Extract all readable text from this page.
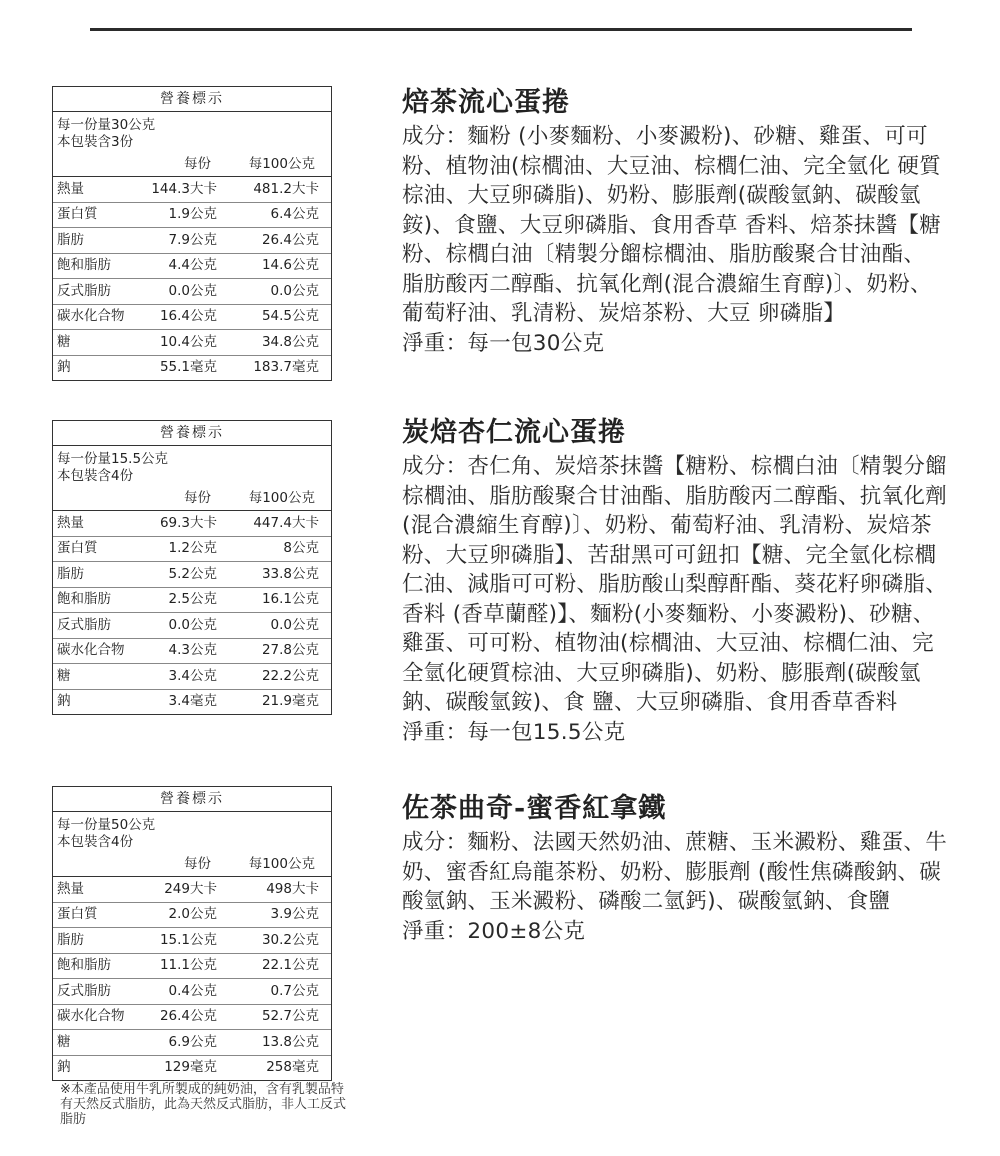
營養標示
每一份量30公克
本包裝含3份
每份	每100公克
熱量	144.3大卡	481.2大卡
蛋白質	1.9公克	6.4公克
脂肪	7.9公克	26.4公克
飽和脂肪	4.4公克	14.6公克
反式脂肪	0.0公克	0.0公克
碳水化合物	16.4公克	54.5公克
糖	10.4公克	34.8公克
鈉	55.1毫克	183.7毫克
營養標示
每一份量15.5公克
本包裝含4份
每份	每100公克
熱量	69.3大卡	447.4大卡
蛋白質	1.2公克	8公克
脂肪	5.2公克	33.8公克
飽和脂肪	2.5公克	16.1公克
反式脂肪	0.0公克	0.0公克
碳水化合物	4.3公克	27.8公克
糖	3.4公克	22.2公克
鈉	3.4毫克	21.9毫克
營養標示
每一份量50公克
本包裝含4份
每份	每100公克
熱量	249大卡	498大卡
蛋白質	2.0公克	3.9公克
脂肪	15.1公克	30.2公克
飽和脂肪	11.1公克	22.1公克
反式脂肪	0.4公克	0.7公克
碳水化合物	26.4公克	52.7公克
糖	6.9公克	13.8公克
鈉	129毫克	258毫克
※本產品使用牛乳所製成的純奶油，含有乳製品特有天然反式脂肪，此為天然反式脂肪，非人工反式脂肪
焙茶流心蛋捲
成分：麵粉 (小麥麵粉、小麥澱粉)、砂糖、雞蛋、可可粉、植物油(棕櫚油、大豆油、棕櫚仁油、完全氫化 硬質棕油、大豆卵磷脂)、奶粉、膨脹劑(碳酸氫鈉、碳酸氫銨)、食鹽、大豆卵磷脂、食用香草 香料、焙茶抹醬【糖粉、棕櫚白油〔精製分餾棕櫚油、脂肪酸聚合甘油酯、 脂肪酸丙二醇酯、抗氧化劑(混合濃縮生育醇)〕、奶粉、葡萄籽油、乳清粉、炭焙茶粉、大豆 卵磷脂】
淨重：每一包30公克
炭焙杏仁流心蛋捲
成分：杏仁角、炭焙茶抹醬【糖粉、棕櫚白油〔精製分餾棕櫚油、脂肪酸聚合甘油酯、脂肪酸丙二醇酯、抗氧化劑(混合濃縮生育醇)〕、奶粉、葡萄籽油、乳清粉、炭焙茶粉、大豆卵磷脂】、苦甜黑可可鈕扣【糖、完全氫化棕櫚仁油、減脂可可粉、脂肪酸山梨醇酐酯、葵花籽卵磷脂、香料 (香草蘭醛)】、麵粉(小麥麵粉、小麥澱粉)、砂糖、雞蛋、可可粉、植物油(棕櫚油、大豆油、棕櫚仁油、完全氫化硬質棕油、大豆卵磷脂)、奶粉、膨脹劑(碳酸氫鈉、碳酸氫銨)、食 鹽、大豆卵磷脂、食用香草香料
淨重：每一包15.5公克
佐茶曲奇-蜜香紅拿鐵
成分：麵粉、法國天然奶油、蔗糖、玉米澱粉、雞蛋、牛奶、蜜香紅烏龍茶粉、奶粉、膨脹劑 (酸性焦磷酸鈉、碳酸氫鈉、玉米澱粉、磷酸二氫鈣)、碳酸氫鈉、食鹽
淨重：200±8公克
